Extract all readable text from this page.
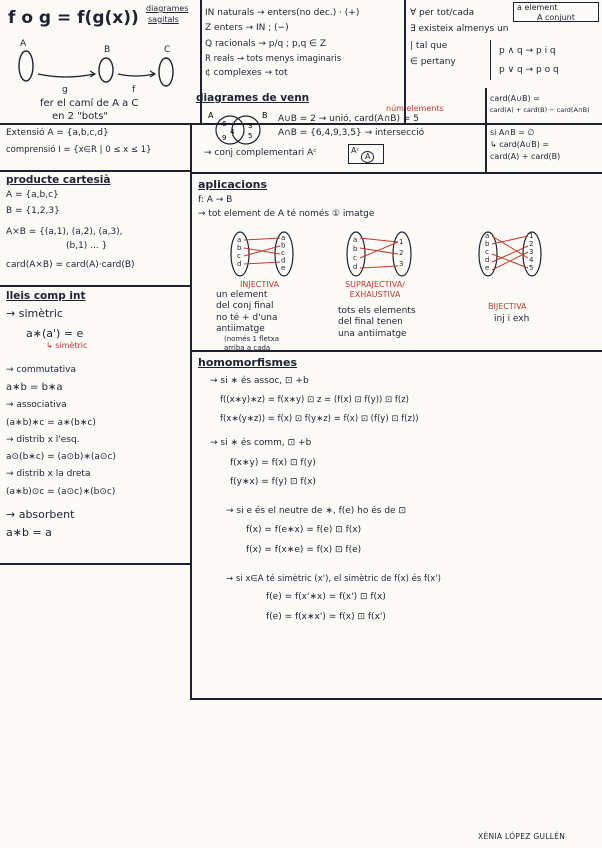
f o g = f(g(x)) diagrames
sagitals
A
B	C
g	f
fer el camí de A a C
en 2 "bots"
IN naturals → enters(no dec.) · (+)
Z enters → IN ; (−)
Q racionals → p/q ; p,q ∈ Z
R reals → tots menys imaginaris
¢ complexes → tot
∀ per tot/cada
∃ existeix almenys un
| tal que
∈ pertany
a element
A conjunt
p ∧ q → p i q
p ∨ q → p o q
Extensió A = {a,b,c,d}
comprensió I = {x∈R | 0 ≤ x ≤ 1}
diagrames de venn
A	B
6
4
9
3
5
núm elements
A∪B = 2 → unió, card(A∩B) = 5
A∩B = {6,4,9,3,5} → intersecció
→ conj complementari Aᶜ	Aᶜ
A
card(A∪B) =
card(A) + card(B) − card(A∩B)
si A∩B = ∅
↳ card(A∪B) =
card(A) + card(B)
producte cartesià
A = {a,b,c}
B = {1,2,3}
A×B = {(a,1), (a,2), (a,3),
(b,1) ... }
card(A×B) = card(A)·card(B)
lleis comp int
→ simètric
a∗(a') = e
↳ simètric
→ commutativa
a∗b = b∗a
→ associativa
(a∗b)∗c = a∗(b∗c)
→ distrib x l'esq.
a⊙(b∗c) = (a⊙b)∗(a⊙c)
→ distrib x la dreta
(a∗b)⊙c = (a⊙c)∗(b⊙c)
→ absorbent
a∗b = a
aplicacions
f: A → B
→ tot element de A té només ① imatge
a
b
c
d
a
b
c
d
e
a
b
c
d
1
2
3
a
b
c
d
e
1
2
3
4
5
INJECTIVA	SUPRAJECTIVA/ EXHAUSTIVA
BIJECTIVA
un element
del conj final
no té + d'una
antiimatge
(només 1 fletxa
arriba a cada
tots els elements
del final tenen
una antiimatge
inj i exh
homomorfismes
→ si ∗ és assoc, ⊡ +b
f((x∗y)∗z) = f(x∗y) ⊡ z = (f(x) ⊡ f(y)) ⊡ f(z)
f(x∗(y∗z)) = f(x) ⊡ f(y∗z) = f(x) ⊡ (f(y) ⊡ f(z))
→ si ∗ és comm, ⊡ +b
f(x∗y) = f(x) ⊡ f(y)
f(y∗x) = f(y) ⊡ f(x)
→ si e és el neutre de ∗, f(e) ho és de ⊡
f(x) = f(e∗x) = f(e) ⊡ f(x)
f(x) = f(x∗e) = f(x) ⊡ f(e)
→ si x∈A té simètric (x'), el simètric de f(x) és f(x')
f(e) = f(x'∗x) = f(x') ⊡ f(x)
f(e) = f(x∗x') = f(x) ⊡ f(x')
XÈNIA LÓPEZ GULLÉN
